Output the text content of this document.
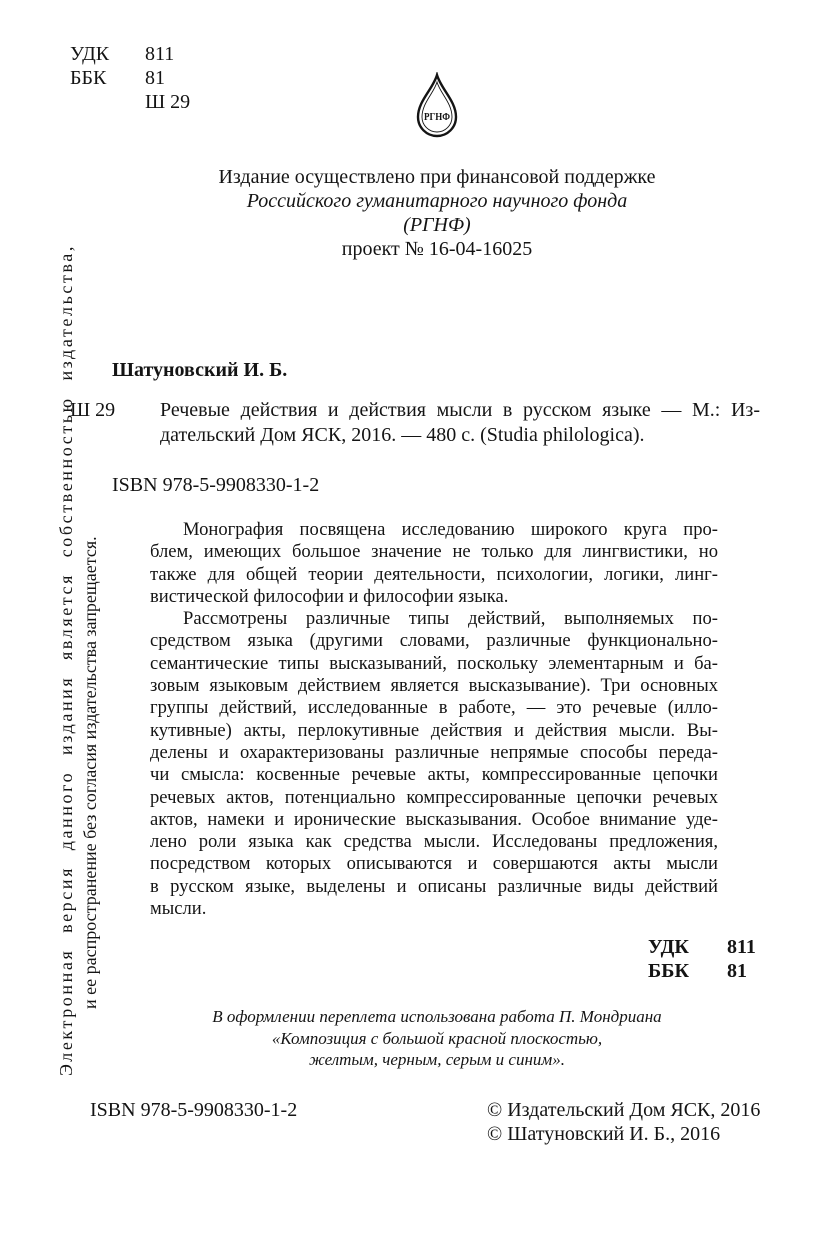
УДК 811
ББК 81
Ш 29
РГНФ
Издание осуществлено при финансовой поддержке
Российского гуманитарного научного фонда
(РГНФ)
проект № 16-04-16025
Шатуновский И. Б.
Ш 29 Речевые действия и действия мысли в русском языке — М.: Из-
дательский Дом ЯСК, 2016. — 480 с. (Studia philologica).
ISBN 978-5-9908330-1-2
Монография посвящена исследованию широкого круга про-
блем, имеющих большое значение не только для лингвистики, но
также для общей теории деятельности, психологии, логики, линг-
вистической философии и философии языка.
Рассмотрены различные типы действий, выполняемых по-
средством языка (другими словами, различные функционально-
семантические типы высказываний, поскольку элементарным и ба-
зовым языковым действием является высказывание). Три основных
группы действий, исследованные в работе, — это речевые (илло-
кутивные) акты, перлокутивные действия и действия мысли. Вы-
делены и охарактеризованы различные непрямые способы переда-
чи смысла: косвенные речевые акты, компрессированные цепочки
речевых актов, потенциально компрессированные цепочки речевых
актов, намеки и иронические высказывания. Особое внимание уде-
лено роли языка как средства мысли. Исследованы предложения,
посредством которых описываются и совершаются акты мысли
в русском языке, выделены и описаны различные виды действий
мысли.
УДК 811
ББК 81
В оформлении переплета использована работа П. Мондриана
«Композиция с большой красной плоскостью,
желтым, черным, серым и синим».
ISBN 978-5-9908330-1-2	© Издательский Дом ЯСК, 2016
© Шатуновский И. Б., 2016
Электронная версия данного издания является собственностью издательства, и ее распространение без согласия издательства запрещается.
